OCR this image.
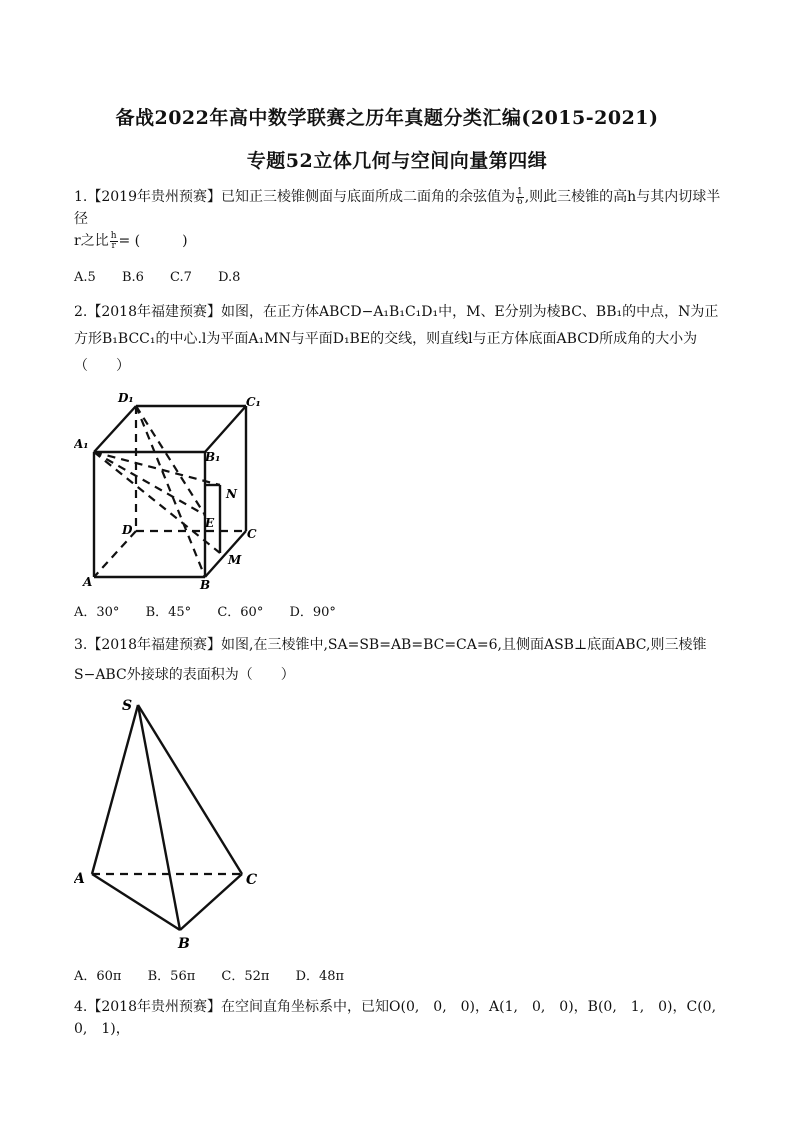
备战2022年高中数学联赛之历年真题分类汇编(2015-2021)
专题52立体几何与空间向量第四缉
1.【2019年贵州预赛】已知正三棱锥侧面与底面所成二面角的余弦值为 $\frac{1}{6}$ ,则此三棱锥的高h与其内切球半径
r之比 $\frac{h}{r}$ = (　　　)
A.5 B.6 C.7 D.8
2.【2018年福建预赛】如图，在正方体ABCD−A₁B₁C₁D₁中，M、E分别为棱BC、BB₁的中点，N为正方形B₁BCC₁的中心.l为平面A₁MN与平面D₁BE的交线，则直线l与正方体底面ABCD所成角的大小为（　　）
D₁	C₁
A₁
B₁
N
D	E
C
M
A	B
A．30° B．45° C．60° D．90°
3.【2018年福建预赛】如图,在三棱锥中,SA=SB=AB=BC=CA=6,且侧面ASB⊥底面ABC,则三棱锥S−ABC外接球的表面积为（　　）
S
A	C
B
A．60π B．56π C．52π D．48π
4.【2018年贵州预赛】在空间直角坐标系中，已知O(0,　0,　0)，A(1,　0,　0)，B(0,　1,　0)，C(0,　0,　1)，
